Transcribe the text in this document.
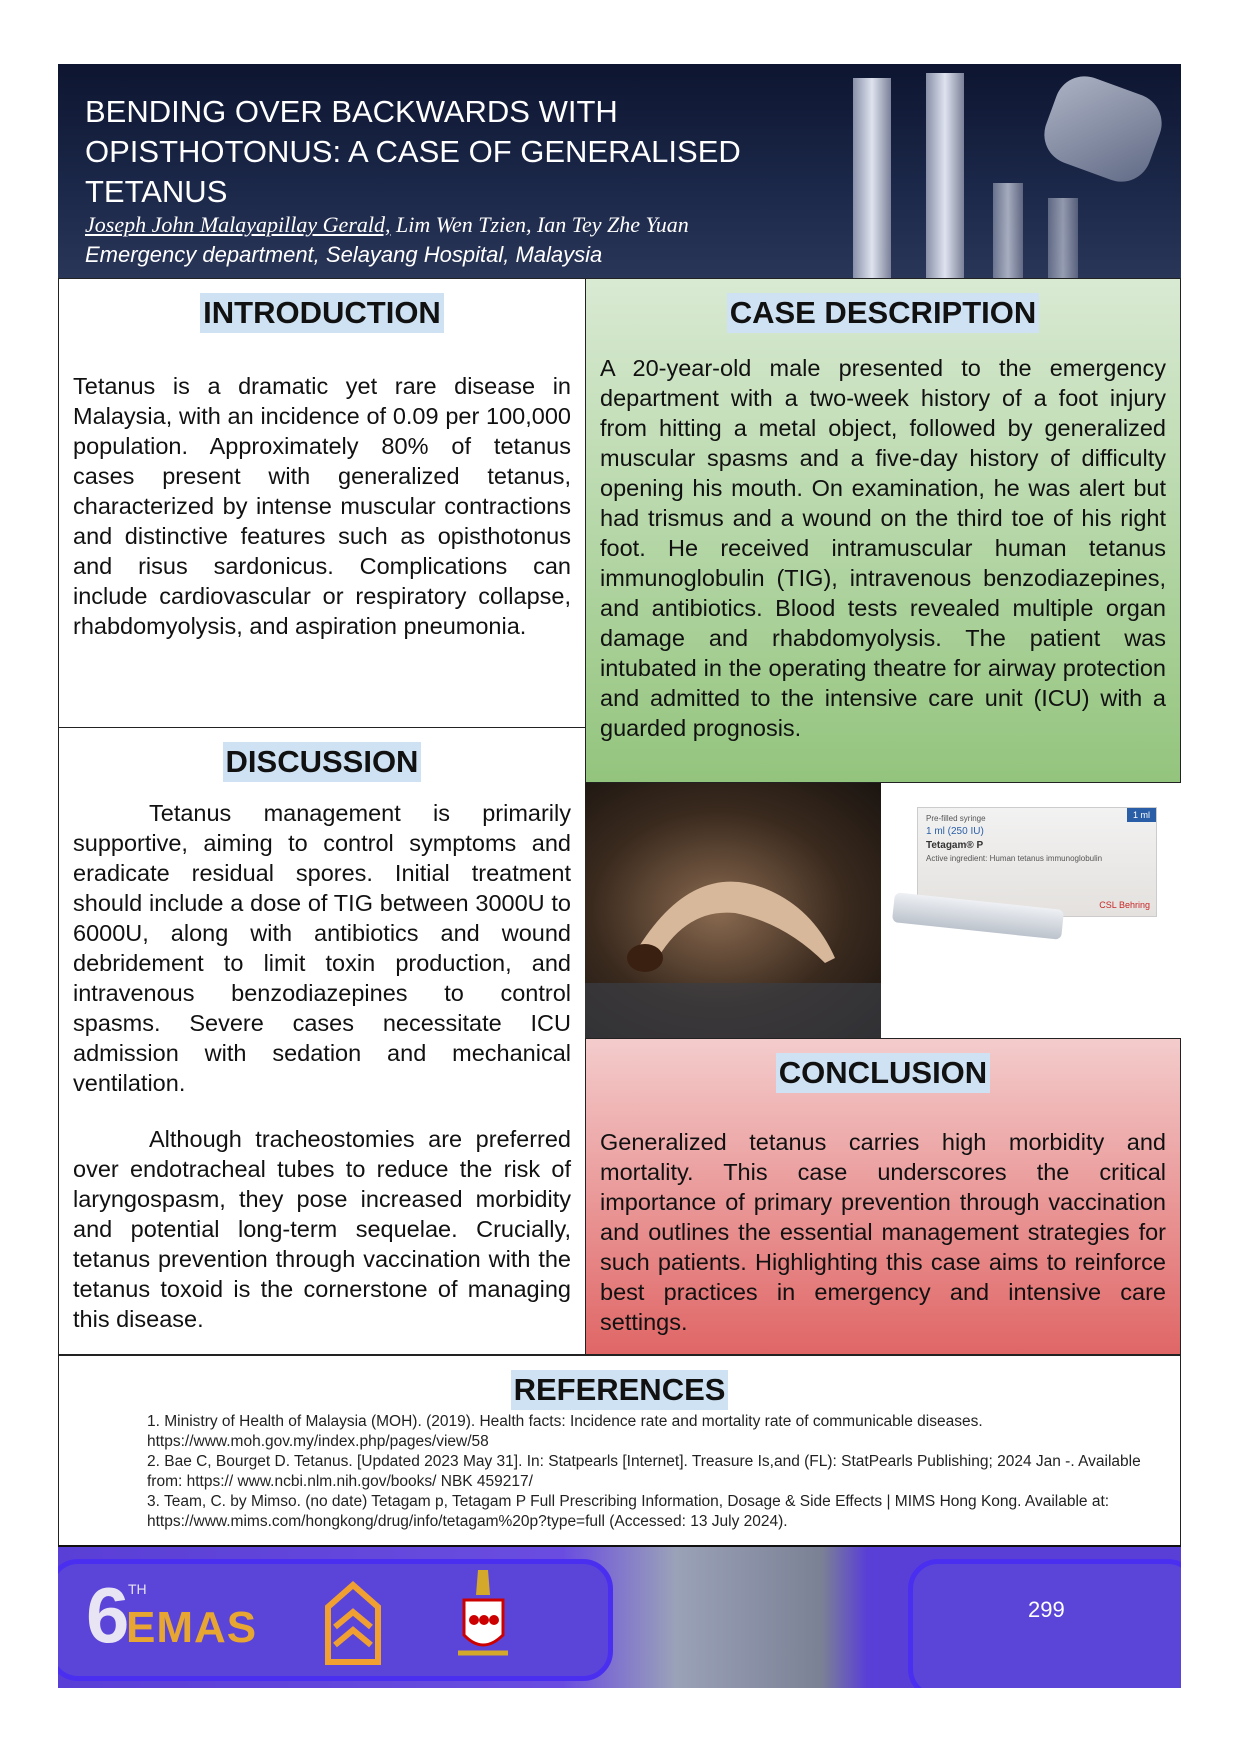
BENDING OVER BACKWARDS WITH OPISTHOTONUS: A CASE OF GENERALISED TETANUS
Joseph John Malayapillay Gerald, Lim Wen Tzien, Ian Tey Zhe Yuan
Emergency department, Selayang Hospital, Malaysia
INTRODUCTION

Tetanus is a dramatic yet rare disease in Malaysia, with an incidence of 0.09 per 100,000 population. Approximately 80% of tetanus cases present with generalized tetanus, characterized by intense muscular contractions and distinctive features such as opisthotonus and risus sardonicus. Complications can include cardiovascular or respiratory collapse, rhabdomyolysis, and aspiration pneumonia.

DISCUSSION

Tetanus management is primarily supportive, aiming to control symptoms and eradicate residual spores. Initial treatment should include a dose of TIG between 3000U to 6000U, along with antibiotics and wound debridement to limit toxin production, and intravenous benzodiazepines to control spasms. Severe cases necessitate ICU admission with sedation and mechanical ventilation.

Although tracheostomies are preferred over endotracheal tubes to reduce the risk of laryngospasm, they pose increased morbidity and potential long-term sequelae. Crucially, tetanus prevention through vaccination with the tetanus toxoid is the cornerstone of managing this disease.

CASE DESCRIPTION

A 20-year-old male presented to the emergency department with a two-week history of a foot injury from hitting a metal object, followed by generalized muscular spasms and a five-day history of difficulty opening his mouth. On examination, he was alert but had trismus and a wound on the third toe of his right foot. He received intramuscular human tetanus immunoglobulin (TIG), intravenous benzodiazepines, and antibiotics. Blood tests revealed multiple organ damage and rhabdomyolysis. The patient was intubated in the operating theatre for airway protection and admitted to the intensive care unit (ICU) with a guarded prognosis.

Pre-filled syringe
1 ml (250 IU)
Tetagam® P
Active ingredient: Human tetanus immunoglobulin
1 ml
CSL Behring
CONCLUSION

Generalized tetanus carries high morbidity and mortality. This case underscores the critical importance of primary prevention through vaccination and outlines the essential management strategies for such patients. Highlighting this case aims to reinforce best practices in emergency and intensive care settings.

REFERENCES

1. Ministry of Health of Malaysia (MOH). (2019). Health facts: Incidence rate and mortality rate of communicable diseases. https://www.moh.gov.my/index.php/pages/view/58

2. Bae C, Bourget D. Tetanus. [Updated 2023 May 31]. In: Statpearls [Internet]. Treasure Is,and (FL): StatPearls Publishing; 2024 Jan -. Available from: https:// www.ncbi.nlm.nih.gov/books/ NBK 459217/

3. Team, C. by Mimso. (no date) Tetagam p, Tetagam P Full Prescribing Information, Dosage & Side Effects | MIMS Hong Kong. Available at: https://www.mims.com/hongkong/drug/info/tetagam%20p?type=full (Accessed: 13 July 2024).

6
TH
EMAS	299
